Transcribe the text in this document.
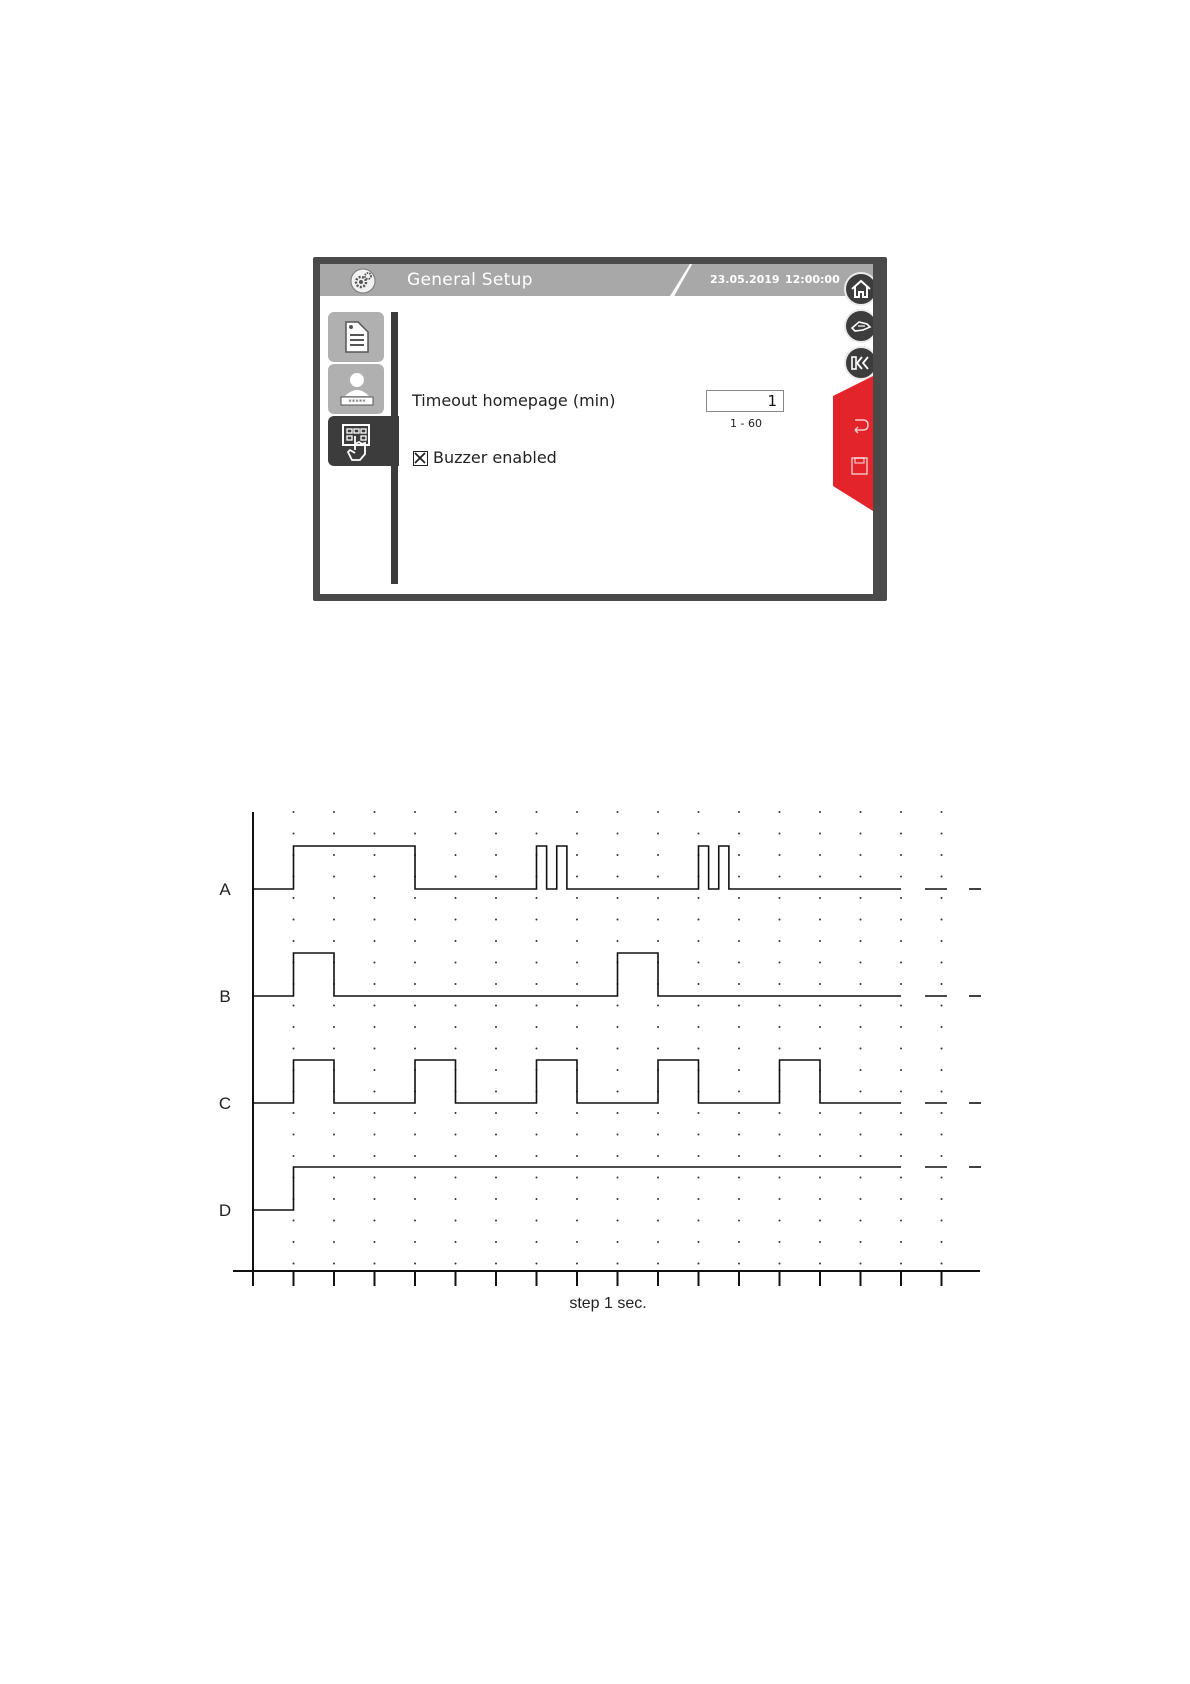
General Setup	23.05.2019 12:00:00
*****	Timeout homepage (min)	1
1 - 60
Buzzer enabled
A
B
C
D
step 1 sec.
